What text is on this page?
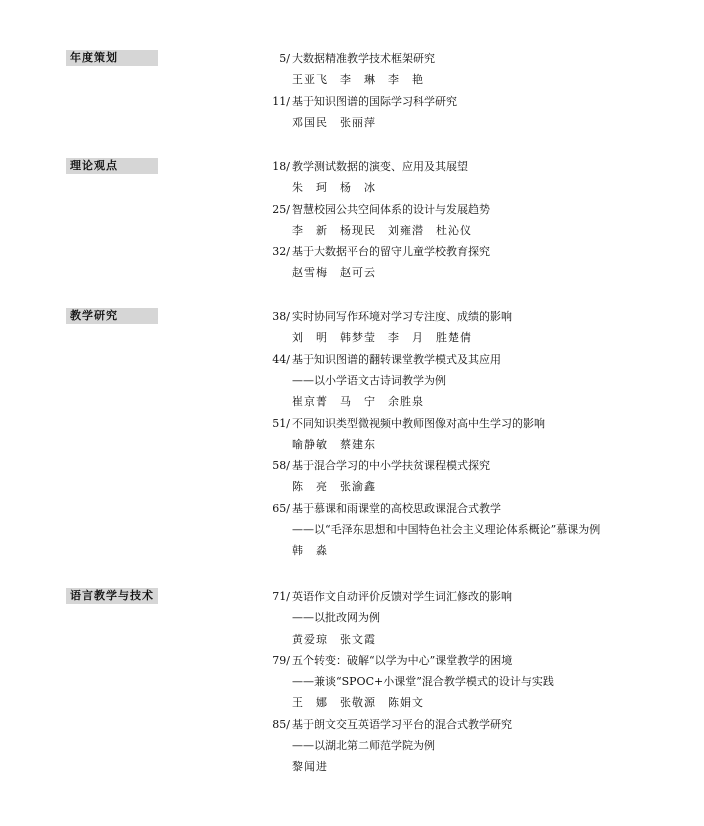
年度策划	5/ 大数据精准教学技术框架研究
王亚飞　李　琳　李　艳
11/ 基于知识图谱的国际学习科学研究
邓国民　张丽萍
理论观点	18/ 教学测试数据的演变、应用及其展望
朱　珂　杨　冰
25/ 智慧校园公共空间体系的设计与发展趋势
李　新　杨现民　刘雍潜　杜沁仪
32/ 基于大数据平台的留守儿童学校教育探究
赵雪梅　赵可云
教学研究	38/ 实时协同写作环境对学习专注度、成绩的影响
刘　明　韩梦莹　李　月　胜楚倩
44/ 基于知识图谱的翻转课堂教学模式及其应用
——以小学语文古诗词教学为例
崔京菁　马　宁　余胜泉
51/ 不同知识类型微视频中教师图像对高中生学习的影响
喻静敏　蔡建东
58/ 基于混合学习的中小学扶贫课程模式探究
陈　亮　张渝鑫
65/ 基于慕课和雨课堂的高校思政课混合式教学
——以“毛泽东思想和中国特色社会主义理论体系概论”慕课为例
韩　淼
语言教学与技术	71/ 英语作文自动评价反馈对学生词汇修改的影响
——以批改网为例
黄爱琼　张文霞
79/ 五个转变：破解“以学为中心”课堂教学的困境
——兼谈“SPOC+小课堂”混合教学模式的设计与实践
王　娜　张敬源　陈娟文
85/ 基于朗文交互英语学习平台的混合式教学研究
——以湖北第二师范学院为例
黎闻进
